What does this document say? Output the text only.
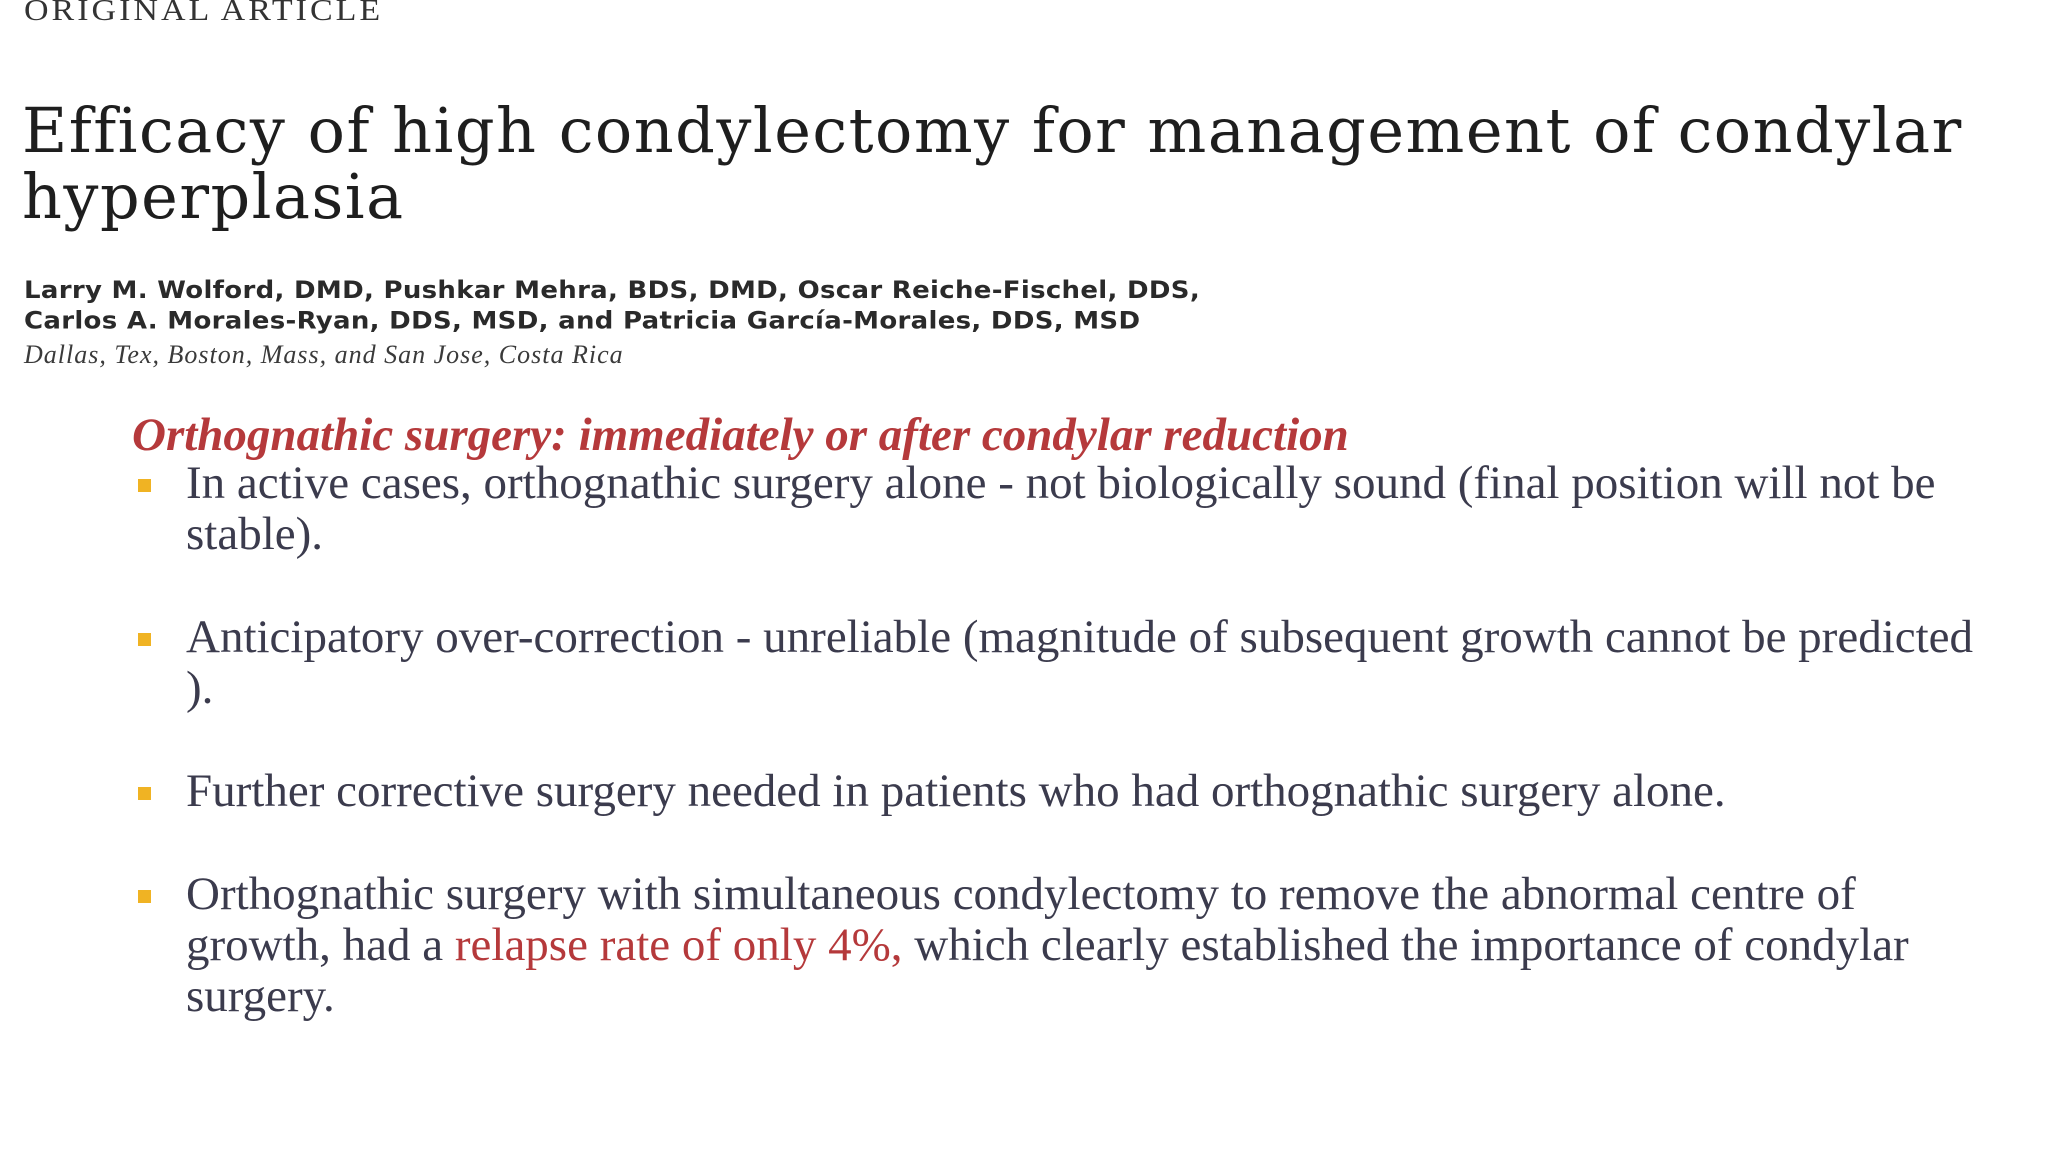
ORIGINAL ARTICLE
Efficacy of high condylectomy for management of condylar hyperplasia
Larry M. Wolford, DMD, Pushkar Mehra, BDS, DMD, Oscar Reiche-Fischel, DDS,
Carlos A. Morales-Ryan, DDS, MSD, and Patricia García-Morales, DDS, MSD
Dallas, Tex, Boston, Mass, and San Jose, Costa Rica
Orthognathic surgery: immediately or after condylar reduction
In active cases, orthognathic surgery alone - not biologically sound (final position will not be stable).
Anticipatory over-correction - unreliable (magnitude of subsequent growth cannot be predicted ).
Further corrective surgery needed in patients who had orthognathic surgery alone.
Orthognathic surgery with simultaneous condylectomy to remove the abnormal centre of growth, had a relapse rate of only 4%, which clearly established the importance of condylar surgery.
